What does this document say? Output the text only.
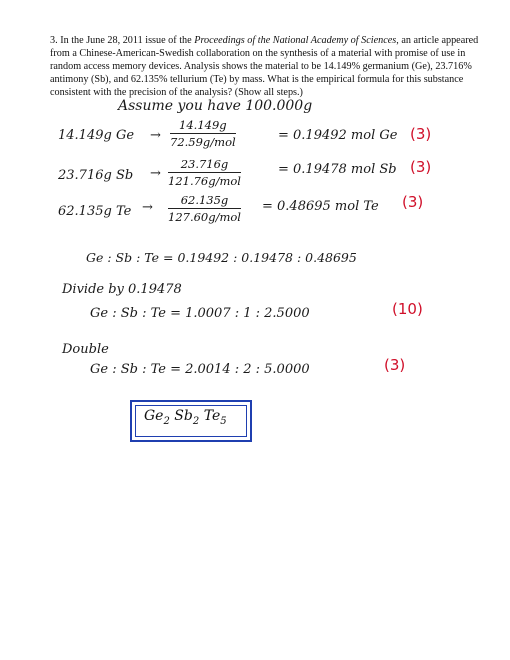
3. In the June 28, 2011 issue of the Proceedings of the National Academy of Sciences, an article appeared from a Chinese-American-Swedish collaboration on the synthesis of a material with promise of use in random access memory devices. Analysis shows the material to be 14.149% germanium (Ge), 23.716% antimony (Sb), and 62.135% tellurium (Te) by mass. What is the empirical formula for this substance consistent with the precision of the analysis? (Show all steps.)
Assume you have 100.000g
14.149g Ge →
14.149g
72.59g/mol	= 0.19492 mol Ge (3)
23.716g Sb →
23.716g
121.76g/mol
= 0.19478 mol Sb (3)
62.135g Te →	62.135g
127.60g/mol
= 0.48695 mol Te (3)
Ge : Sb : Te = 0.19492 : 0.19478 : 0.48695
Divide by 0.19478
Ge : Sb : Te = 1.0007 : 1 : 2.5000	(10)
Double
Ge : Sb : Te = 2.0014 : 2 : 5.0000	(3)
$Ge_2$ $Sb_2$ $Te_5$
